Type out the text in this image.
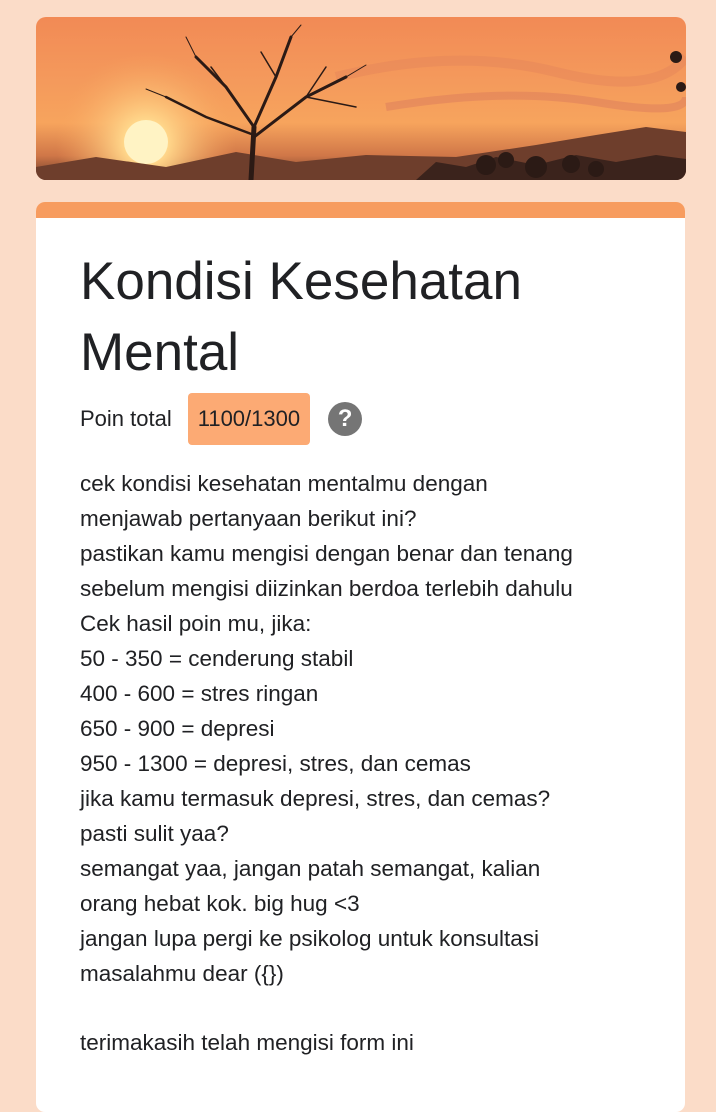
Kondisi Kesehatan Mental
Poin total	1100/1300	?
cek kondisi kesehatan mentalmu dengan
menjawab pertanyaan berikut ini?
pastikan kamu mengisi dengan benar dan tenang
sebelum mengisi diizinkan berdoa terlebih dahulu
Cek hasil poin mu, jika:
50 - 350 = cenderung stabil
400 - 600 = stres ringan
650 - 900 = depresi
950 - 1300 = depresi, stres, dan cemas
jika kamu termasuk depresi, stres, dan cemas?
pasti sulit yaa?
semangat yaa, jangan patah semangat, kalian
orang hebat kok. big hug <3
jangan lupa pergi ke psikolog untuk konsultasi
masalahmu dear ({})
terimakasih telah mengisi form ini
